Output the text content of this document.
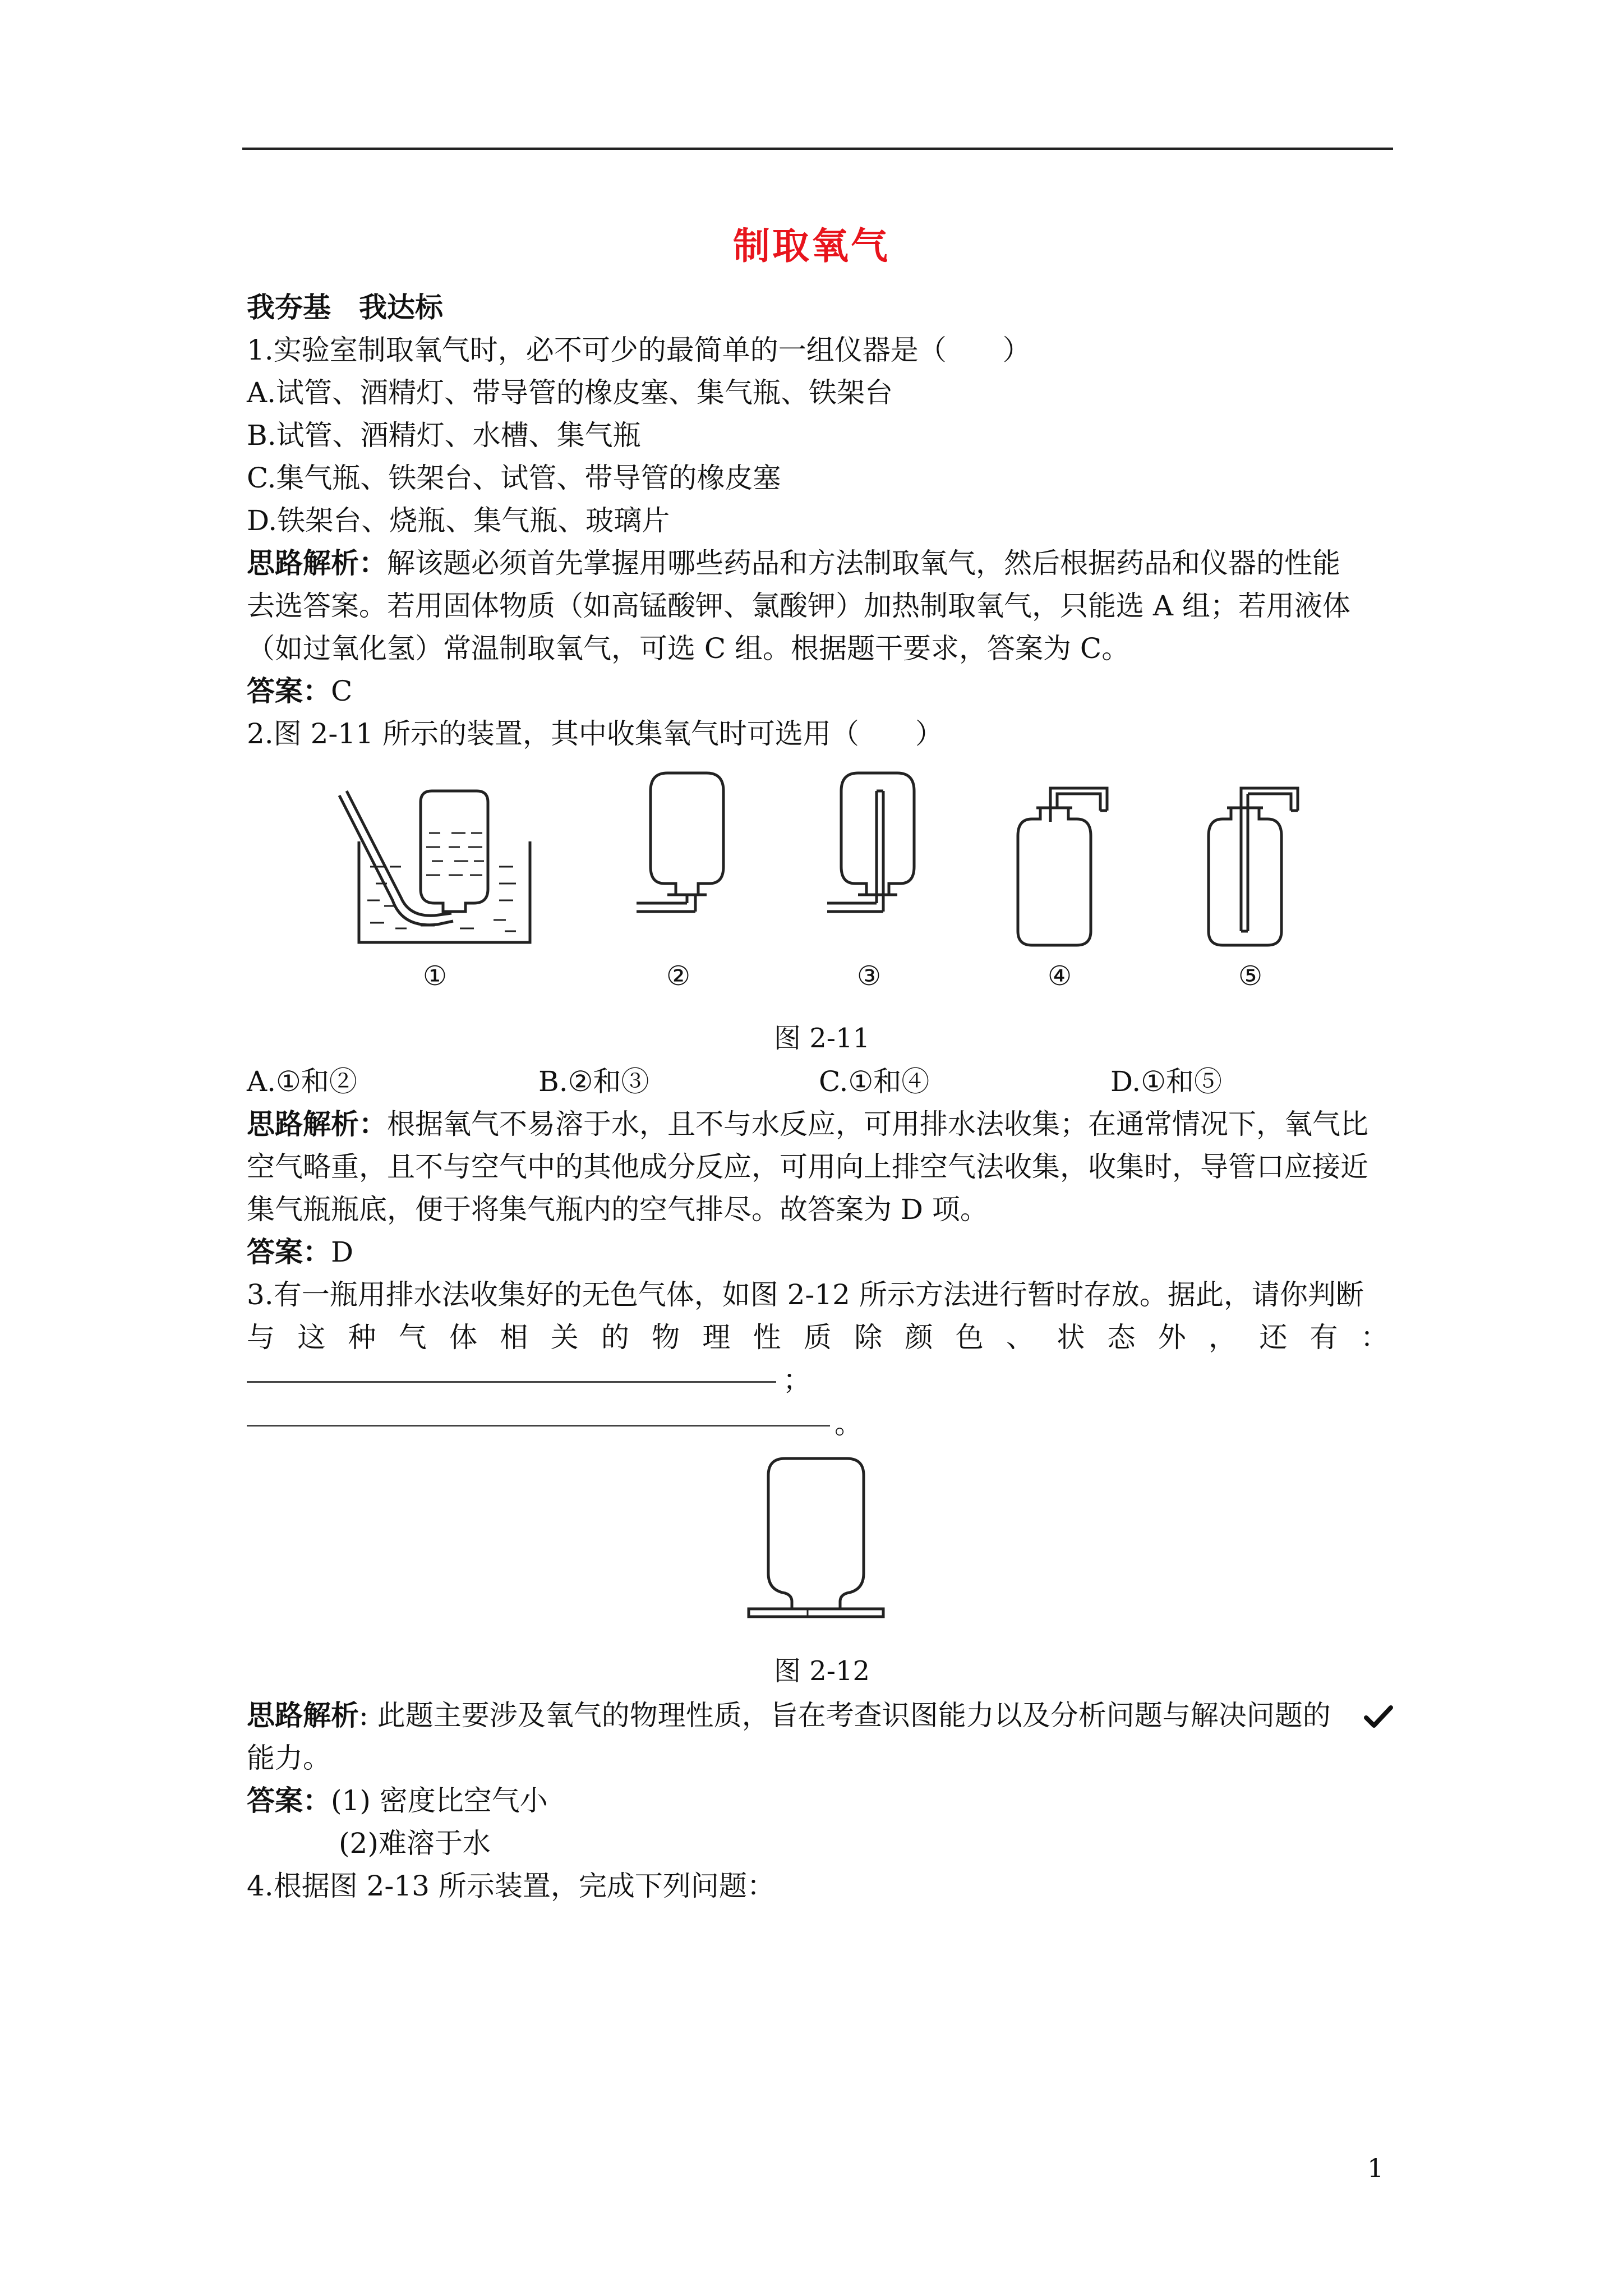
制取氧气
我夯基　我达标
1.实验室制取氧气时，必不可少的最简单的一组仪器是（　　）
A.试管、酒精灯、带导管的橡皮塞、集气瓶、铁架台
B.试管、酒精灯、水槽、集气瓶
C.集气瓶、铁架台、试管、带导管的橡皮塞
D.铁架台、烧瓶、集气瓶、玻璃片
思路解析：解该题必须首先掌握用哪些药品和方法制取氧气，然后根据药品和仪器的性能
去选答案。若用固体物质（如高锰酸钾、氯酸钾）加热制取氧气，只能选 A 组；若用液体
（如过氧化氢）常温制取氧气，可选 C 组。根据题干要求，答案为 C。
答案：C
2.图 2-11 所示的装置，其中收集氧气时可选用（　　）
①	②	③	④	⑤
图 2-11
A.①和②	B.②和③	C.①和④	D.①和⑤
思路解析：根据氧气不易溶于水，且不与水反应，可用排水法收集；在通常情况下，氧气比
空气略重，且不与空气中的其他成分反应，可用向上排空气法收集，收集时，导管口应接近
集气瓶瓶底，便于将集气瓶内的空气排尽。故答案为 D 项。
答案：D
3.有一瓶用排水法收集好的无色气体，如图 2-12 所示方法进行暂时存放。据此，请你判断
与 这 种 气 体 相 关 的 物 理 性 质 除 颜 色 、 状 态 外 ， 还 有 ：
；
。
图 2-12
思路解析: 此题主要涉及氧气的物理性质，旨在考查识图能力以及分析问题与解决问题的
能力。
答案：(1) 密度比空气小
(2)难溶于水
4.根据图 2-13 所示装置，完成下列问题：
1
